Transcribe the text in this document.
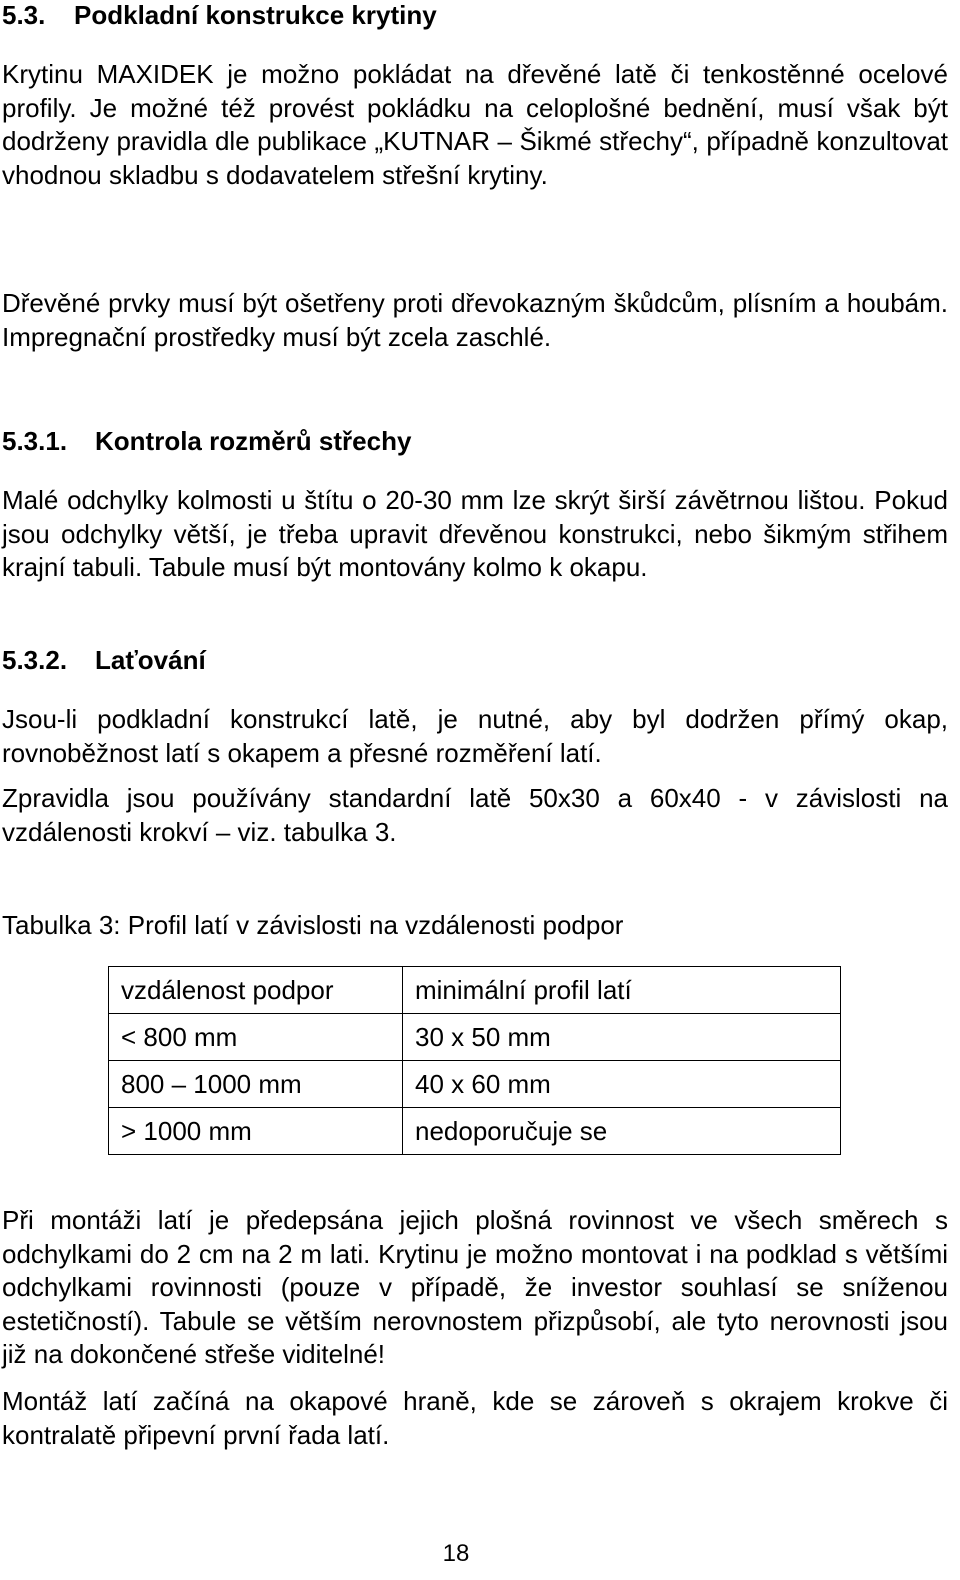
5.3. Podkladní konstrukce krytiny

Krytinu MAXIDEK je možno pokládat na dřevěné latě či tenkostěnné ocelové profily. Je možné též provést pokládku na celoplošné bednění, musí však být dodrženy pravidla dle publikace „KUTNAR – Šikmé střechy“, případně konzultovat vhodnou skladbu s dodavatelem střešní krytiny.

Dřevěné prvky musí být ošetřeny proti dřevokazným škůdcům, plísním a houbám. Impregnační prostředky musí být zcela zaschlé.

5.3.1. Kontrola rozměrů střechy

Malé odchylky kolmosti u štítu o 20-30 mm lze skrýt širší závětrnou lištou. Pokud jsou odchylky větší, je třeba upravit dřevěnou konstrukci, nebo šikmým střihem krajní tabuli. Tabule musí být montovány kolmo k okapu.

5.3.2. Laťování

Jsou-li podkladní konstrukcí latě, je nutné, aby byl dodržen přímý okap, rovnoběžnost latí s okapem a přesné rozměření latí.

Zpravidla jsou používány standardní latě 50x30 a 60x40 - v závislosti na vzdálenosti krokví – viz. tabulka 3.

Tabulka 3: Profil latí v závislosti na vzdálenosti podpor

vzdálenost podpor	minimální profil latí
< 800 mm	30 x 50 mm
800 – 1000 mm	40 x 60 mm
> 1000 mm	nedoporučuje se

Při montáži latí je předepsána jejich plošná rovinnost ve všech směrech s odchylkami do 2 cm na 2 m lati. Krytinu je možno montovat i na podklad s většími odchylkami rovinnosti (pouze v případě, že investor souhlasí se sníženou estetičností). Tabule se větším nerovnostem přizpůsobí, ale tyto nerovnosti jsou již na dokončené střeše viditelné!

Montáž latí začíná na okapové hraně, kde se zároveň s okrajem krokve či kontralatě připevní první řada latí.

18
